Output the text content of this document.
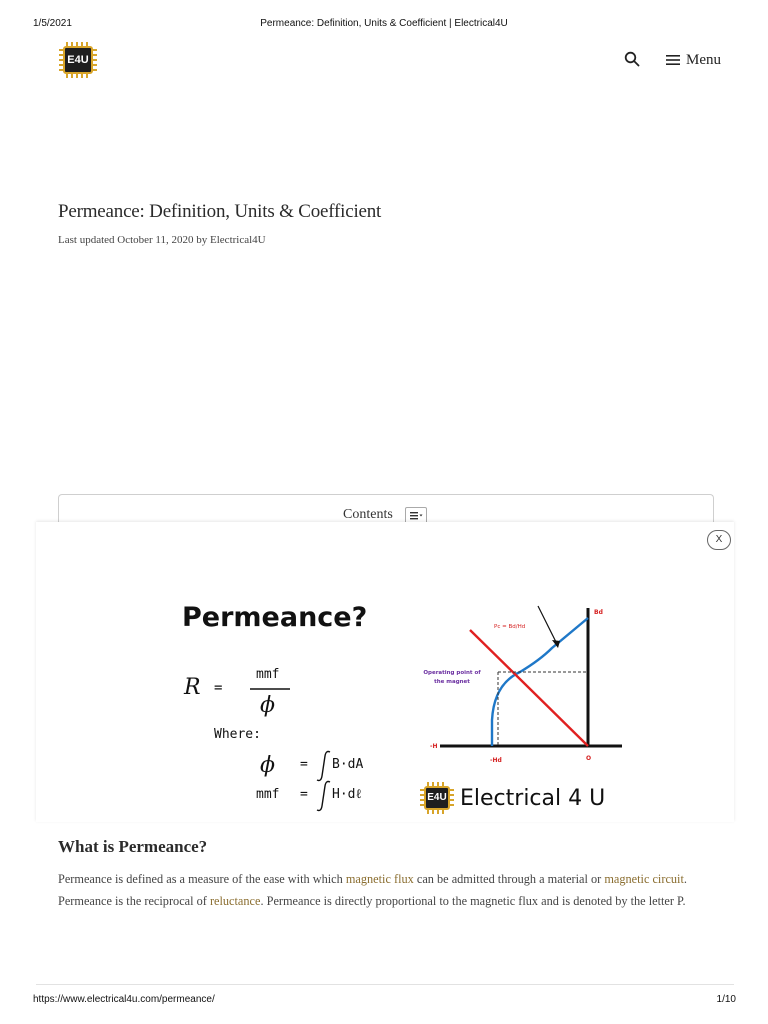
1/5/2021	Permeance: Definition, Units & Coefficient | Electrical4U
E4U	Menu
Permeance: Definition, Units & Coefficient
Last updated October 11, 2020 by Electrical4U
Contents
X
Permeance?
R =
mmf
ϕ
Where:
ϕ = B·dA
mmf = H·dℓ
Pc = Bd/Hd
Bd
Operating point of
the magnet
-H
-Hd	O
E4U Electrical 4 U
What is Permeance?

Permeance is defined as a measure of the ease with which magnetic flux can be admitted through a material or magnetic circuit. Permeance is the reciprocal of reluctance. Permeance is directly proportional to the magnetic flux and is denoted by the letter P.

https://www.electrical4u.com/permeance/	1/10
